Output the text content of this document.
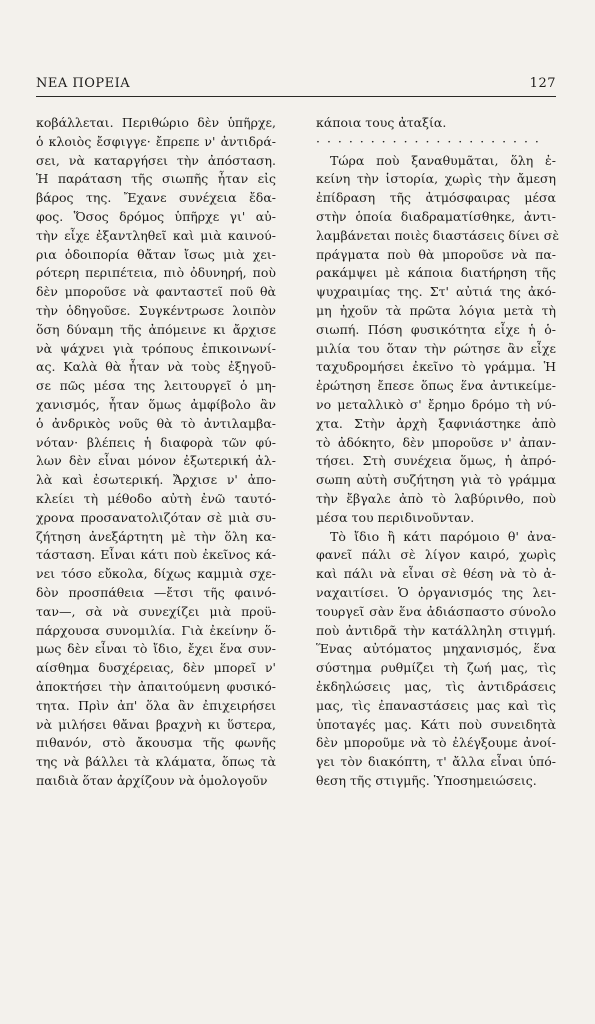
ΝΕΑ ΠΟΡΕΙΑ	127
κοβάλλεται. Περιθώριο δὲν ὑπῆρχε,
ὁ κλοιὸς ἔσφιγγε· ἔπρεπε ν' ἀντιδρά-
σει, νὰ καταργήσει τὴν ἀπόσταση.
Ἡ παράταση τῆς σιωπῆς ἦταν εἰς
βάρος της. Ἔχανε συνέχεια ἔδα-
φος. Ὅσος δρόμος ὑπῆρχε γι' αὐ-
τὴν εἶχε ἐξαντληθεῖ καὶ μιὰ καινού-
ρια ὁδοιπορία θἄταν ἴσως μιὰ χει-
ρότερη περιπέτεια, πιὸ ὀδυνηρή, ποὺ
δὲν μποροῦσε νὰ φανταστεῖ ποῦ θὰ
τὴν ὁδηγοῦσε. Συγκέντρωσε λοιπὸν
ὅση δύναμη τῆς ἀπόμεινε κι ἄρχισε
νὰ ψάχνει γιὰ τρόπους ἐπικοινωνί-
ας. Καλὰ θὰ ἦταν νὰ τοὺς ἐξηγοῦ-
σε πῶς μέσα της λειτουργεῖ ὁ μη-
χανισμός, ἦταν ὅμως ἀμφίβολο ἂν
ὁ ἀνδρικὸς νοῦς θὰ τὸ ἀντιλαμβα-
νόταν· βλέπεις ἡ διαφορὰ τῶν φύ-
λων δὲν εἶναι μόνον ἐξωτερική ἀλ-
λὰ καὶ ἐσωτερική. Ἄρχισε ν' ἀπο-
κλείει τὴ μέθοδο αὐτὴ ἐνῶ ταυτό-
χρονα προσανατολιζόταν σὲ μιὰ συ-
ζήτηση ἀνεξάρτητη μὲ τὴν ὅλη κα-
τάσταση. Εἶναι κάτι ποὺ ἐκεῖνος κά-
νει τόσο εὔκολα, δίχως καμμιὰ σχε-
δὸν προσπάθεια —ἔτσι τῆς φαινό-
ταν—, σὰ νὰ συνεχίζει μιὰ προϋ-
πάρχουσα συνομιλία. Γιὰ ἐκείνην ὅ-
μως δὲν εἶναι τὸ ἴδιο, ἔχει ἕνα συν-
αίσθημα δυσχέρειας, δὲν μπορεῖ ν'
ἀποκτήσει τὴν ἀπαιτούμενη φυσικό-
τητα. Πρὶν ἀπ' ὅλα ἂν ἐπιχειρήσει
νὰ μιλήσει θἄναι βραχνὴ κι ὕστερα,
πιθανόν, στὸ ἄκουσμα τῆς φωνῆς
της νὰ βάλλει τὰ κλάματα, ὅπως τὰ
παιδιὰ ὅταν ἀρχίζουν νὰ ὁμολογοῦν
κάποια τους ἀταξία.
· · · · · · · · · · · · · · · · · · · · ·
Τώρα ποὺ ξαναθυμᾶται, ὅλη ἐ-
κείνη τὴν ἱστορία, χωρὶς τὴν ἄμεση
ἐπίδραση τῆς ἀτμόσφαιρας μέσα
στὴν ὁποία διαδραματίσθηκε, ἀντι-
λαμβάνεται ποιὲς διαστάσεις δίνει σὲ
πράγματα ποὺ θὰ μποροῦσε νὰ πα-
ρακάμψει μὲ κάποια διατήρηση τῆς
ψυχραιμίας της. Στ' αὐτιά της ἀκό-
μη ἠχοῦν τὰ πρῶτα λόγια μετὰ τὴ
σιωπή. Πόση φυσικότητα εἶχε ἡ ὁ-
μιλία του ὅταν τὴν ρώτησε ἂν εἶχε
ταχυδρομήσει ἐκεῖνο τὸ γράμμα. Ἡ
ἐρώτηση ἔπεσε ὅπως ἕνα ἀντικείμε-
νο μεταλλικὸ σ' ἔρημο δρόμο τὴ νύ-
χτα. Στὴν ἀρχὴ ξαφνιάστηκε ἀπὸ
τὸ ἀδόκητο, δὲν μποροῦσε ν' ἀπαν-
τήσει. Στὴ συνέχεια ὅμως, ἡ ἀπρό-
σωπη αὐτὴ συζήτηση γιὰ τὸ γράμμα
τὴν ἔβγαλε ἀπὸ τὸ λαβύρινθο, ποὺ
μέσα του περιδινοῦνταν.
Τὸ ἴδιο ἢ κάτι παρόμοιο θ' ἀνα-
φανεῖ πάλι σὲ λίγον καιρό, χωρὶς
καὶ πάλι νὰ εἶναι σὲ θέση νὰ τὸ ἀ-
ναχαιτίσει. Ὁ ὀργανισμός της λει-
τουργεῖ σὰν ἕνα ἀδιάσπαστο σύνολο
ποὺ ἀντιδρᾶ τὴν κατάλληλη στιγμή.
Ἕνας αὐτόματος μηχανισμός, ἕνα
σύστημα ρυθμίζει τὴ ζωή μας, τὶς
ἐκδηλώσεις μας, τὶς ἀντιδράσεις
μας, τὶς ἐπαναστάσεις μας καὶ τὶς
ὑποταγές μας. Κάτι ποὺ συνειδητὰ
δὲν μποροῦμε νὰ τὸ ἐλέγξουμε ἀνοί-
γει τὸν διακόπτη, τ' ἄλλα εἶναι ὑπό-
θεση τῆς στιγμῆς. Ὑποσημειώσεις.
